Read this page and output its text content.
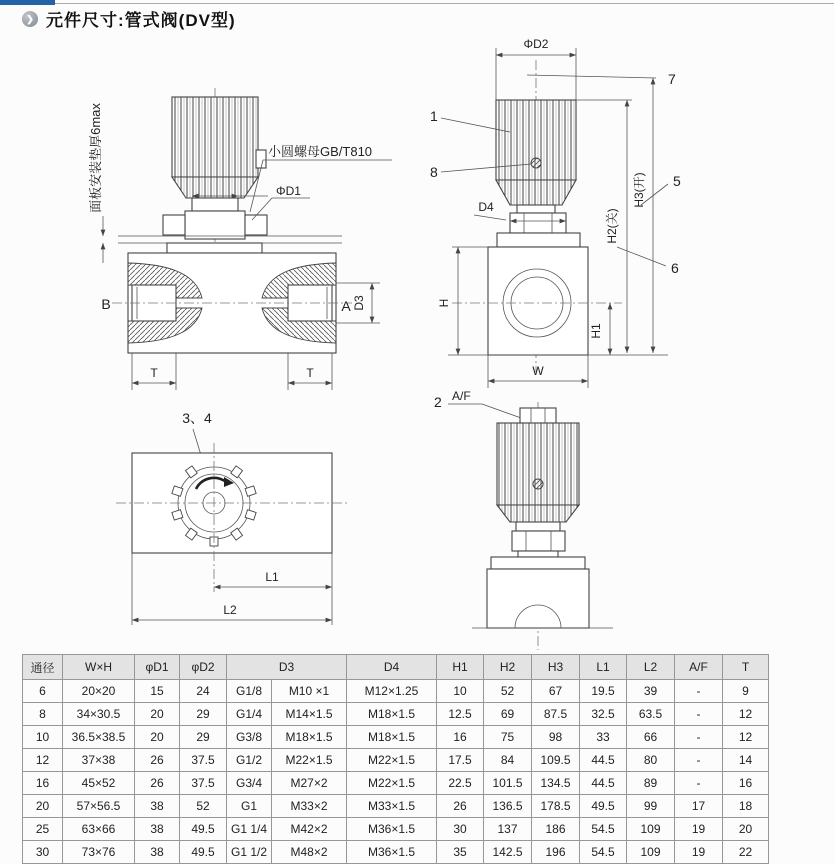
❯ 元件尺寸:管式阀(DV型)
B	A D3
T	T
面板安装垫厚6max	小圆螺母GB/T810
ΦD1
ΦD2
7
1
8
D4
H
H1
H2(关)
H3(开) 5
6
W
2 A/F
3、4
L1
L2
通径	W×H	φD1	φD2	D3		D4	H1	H2	H3	L1	L2	A/F	T
6	20×20	15	24	G1/8	M10 ×1	M12×1.25	10	52	67	19.5	39	-	9
8	34×30.5	20	29	G1/4	M14×1.5	M18×1.5	12.5	69	87.5	32.5	63.5	-	12
10	36.5×38.5	20	29	G3/8	M18×1.5	M18×1.5	16	75	98	33	66	-	12
12	37×38	26	37.5	G1/2	M22×1.5	M22×1.5	17.5	84	109.5	44.5	80	-	14
16	45×52	26	37.5	G3/4	M27×2	M22×1.5	22.5	101.5	134.5	44.5	89	-	16
20	57×56.5	38	52	G1	M33×2	M33×1.5	26	136.5	178.5	49.5	99	17	18
25	63×66	38	49.5	G1 1/4	M42×2	M36×1.5	30	137	186	54.5	109	19	20
30	73×76	38	49.5	G1 1/2	M48×2	M36×1.5	35	142.5	196	54.5	109	19	22
